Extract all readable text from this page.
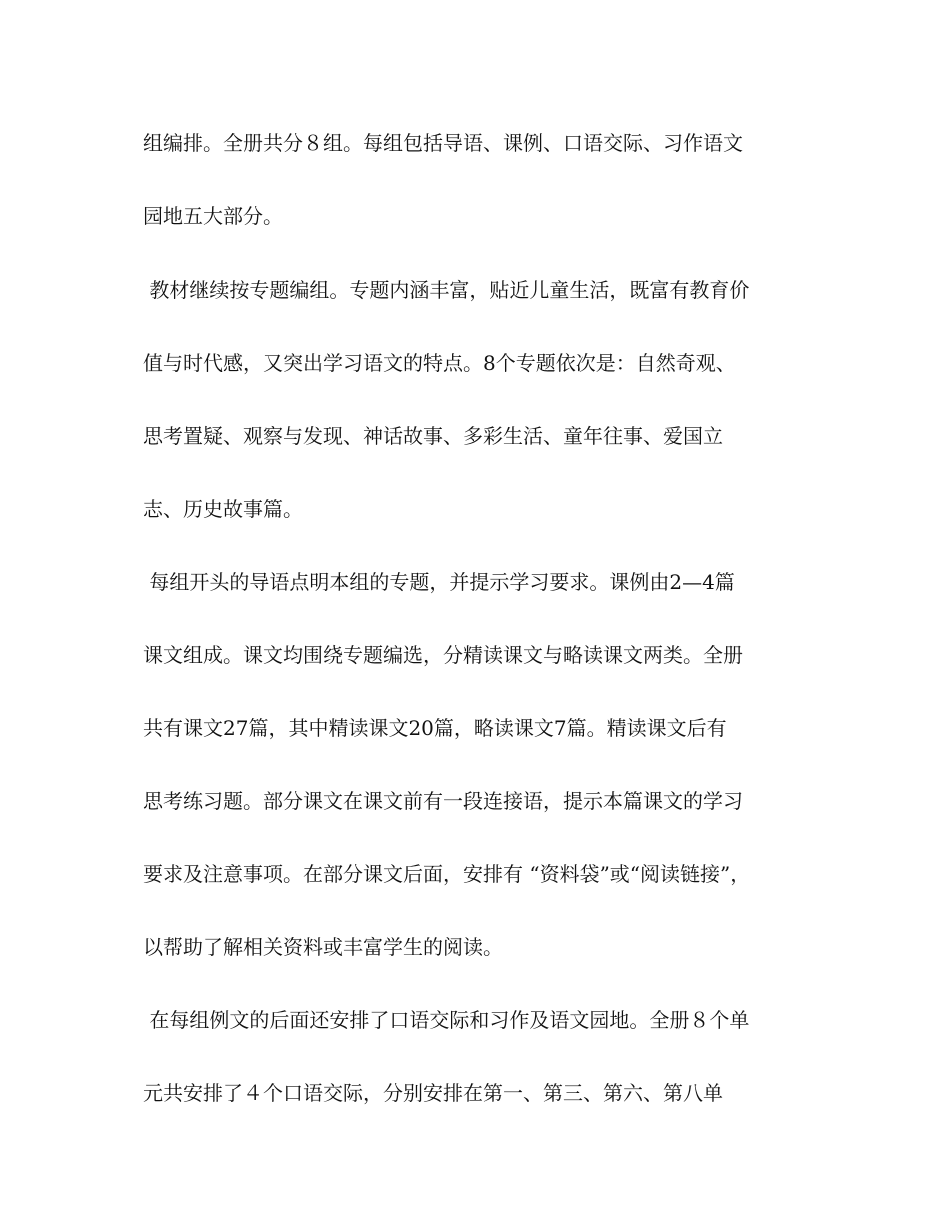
组编排。全册共分８组。每组包括导语、课例、口语交际、习作语文

园地五大部分。

教材继续按专题编组。专题内涵丰富，贴近儿童生活，既富有教育价

值与时代感，又突出学习语文的特点。8个专题依次是：自然奇观、

思考置疑、观察与发现、神话故事、多彩生活、童年往事、爱国立

志、历史故事篇。

每组开头的导语点明本组的专题，并提示学习要求。课例由2—4篇

课文组成。课文均围绕专题编选，分精读课文与略读课文两类。全册

共有课文27篇，其中精读课文20篇，略读课文7篇。精读课文后有

思考练习题。部分课文在课文前有一段连接语，提示本篇课文的学习

要求及注意事项。在部分课文后面，安排有 “资料袋”或“阅读链接”，

以帮助了解相关资料或丰富学生的阅读。

在每组例文的后面还安排了口语交际和习作及语文园地。全册８个单

元共安排了４个口语交际，分别安排在第一、第三、第六、第八单
